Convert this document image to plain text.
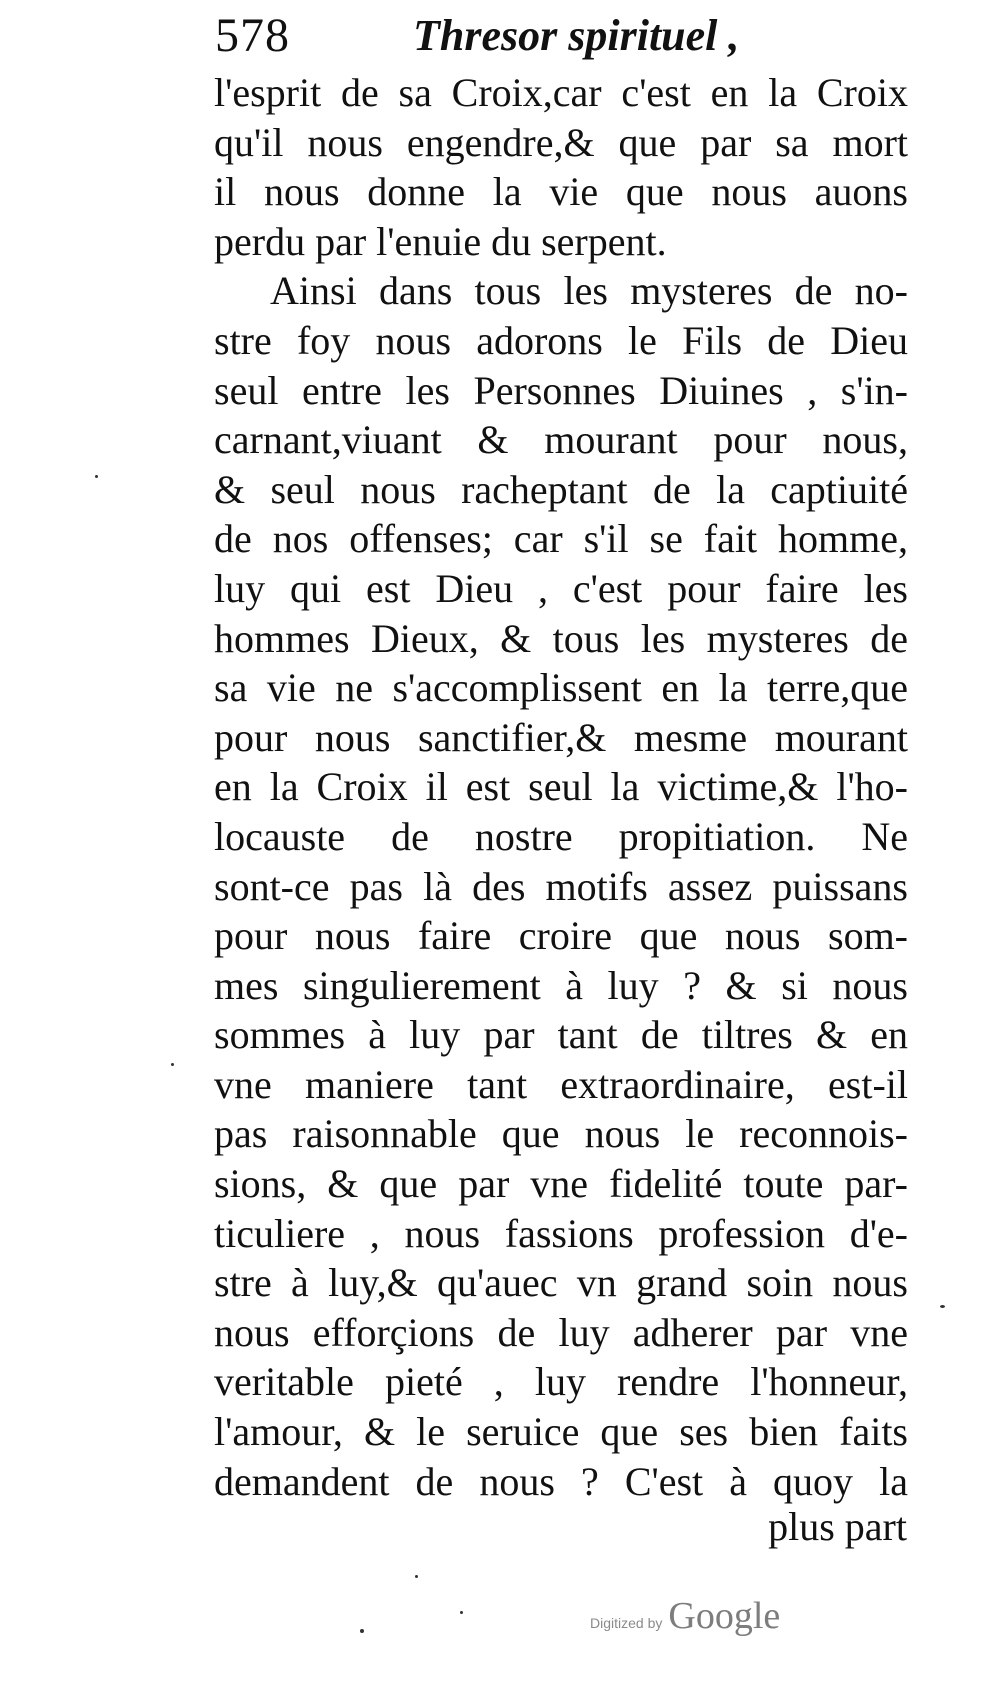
578	Thresor spirituel ,
l'esprit de sa Croix,car c'est en la Croix
qu'il nous engendre,& que par sa mort
il nous donne la vie que nous auons
perdu par l'enuie du serpent.
Ainsi dans tous les mysteres de no-
stre foy nous adorons le Fils de Dieu
seul entre les Personnes Diuines , s'in-
carnant,viuant & mourant pour nous,
& seul nous racheptant de la captiuité
de nos offenses; car s'il se fait homme,
luy qui est Dieu , c'est pour faire les
hommes Dieux, & tous les mysteres de
sa vie ne s'accomplissent en la terre,que
pour nous sanctifier,& mesme mourant
en la Croix il est seul la victime,& l'ho-
locauste de nostre propitiation. Ne
sont-ce pas là des motifs assez puissans
pour nous faire croire que nous som-
mes singulierement à luy ? & si nous
sommes à luy par tant de tiltres & en
vne maniere tant extraordinaire, est-il
pas raisonnable que nous le reconnois-
sions, & que par vne fidelité toute par-
ticuliere , nous fassions profession d'e-
stre à luy,& qu'auec vn grand soin nous
nous efforçions de luy adherer par vne
veritable pieté , luy rendre l'honneur,
l'amour, & le seruice que ses bien faits
demandent de nous ? C'est à quoy la
plus part
Digitized by Google
